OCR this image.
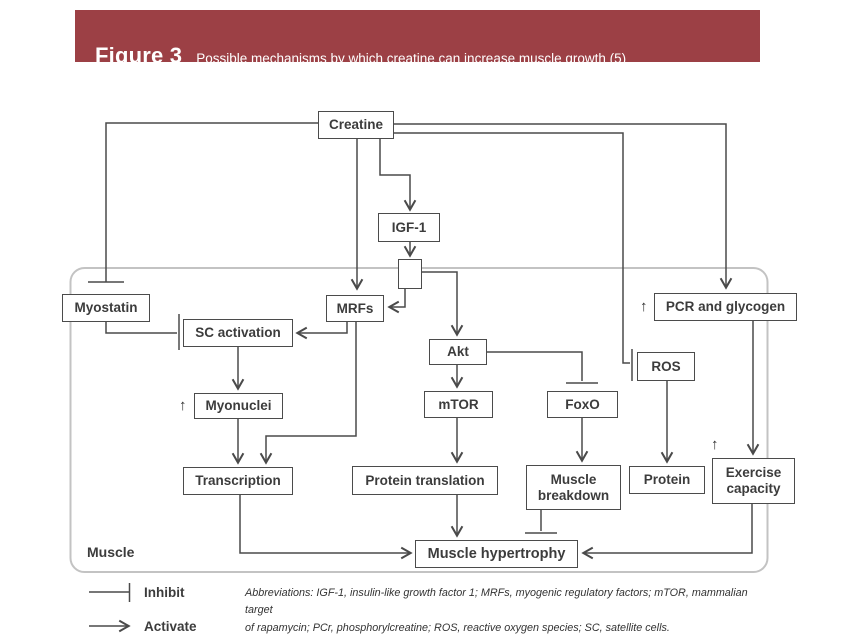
Figure 3 Possible mechanisms by which creatine can increase muscle growth (5)
Creatine
IGF-1
Myostatin	MRFs
SC activation
Akt
PCR and glycogen
↑
ROS
Myonuclei
↑	mTOR	FoxO
Transcription	Protein translation	Muscle breakdown
Protein	Exercise capacity
↑
Muscle hypertrophy
Muscle
Inhibit
Activate
Abbreviations: IGF-1, insulin-like growth factor 1; MRFs, myogenic regulatory factors; mTOR, mammalian target
of rapamycin; PCr, phosphorylcreatine; ROS, reactive oxygen species; SC, satellite cells.
